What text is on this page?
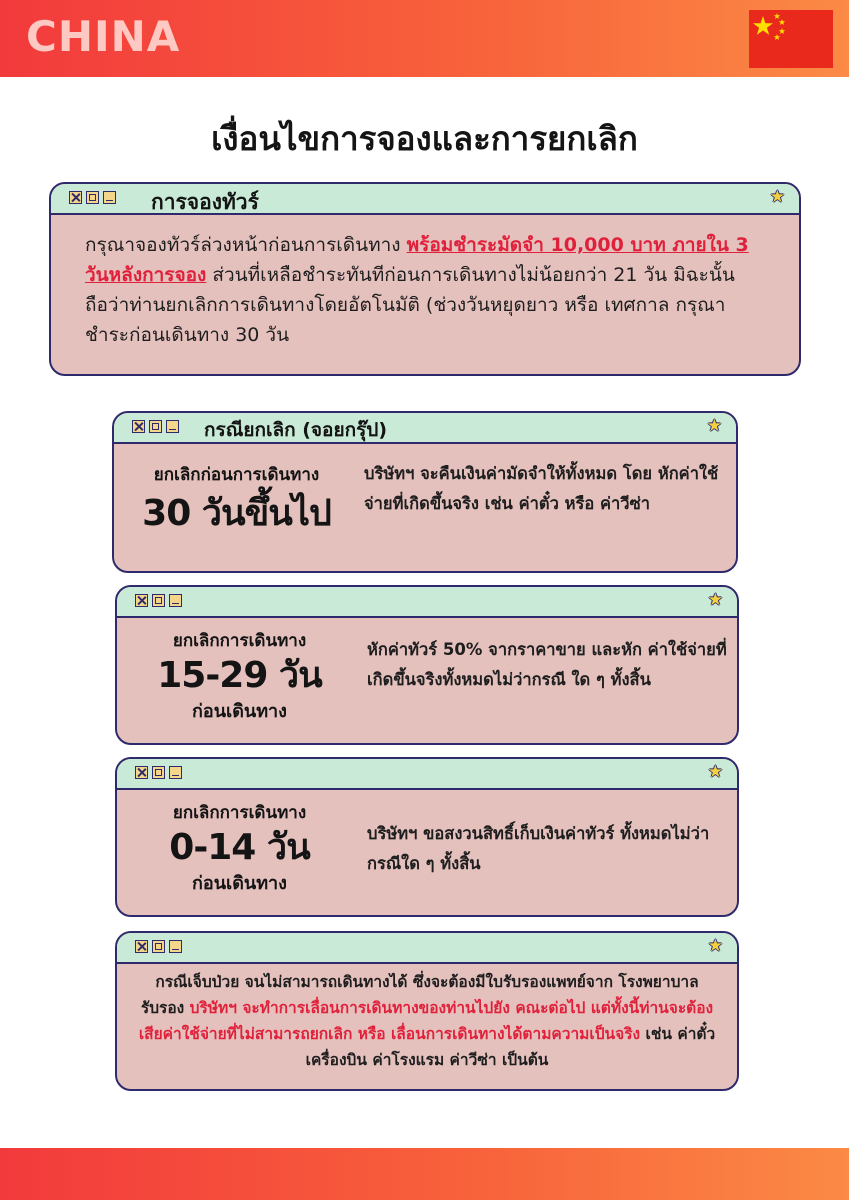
CHINA
เงื่อนไขการจองและการยกเลิก
การจองทัวร์	★
กรุณาจองทัวร์ล่วงหน้าก่อนการเดินทาง พร้อมชำระมัดจำ 10,000 บาท ภายใน 3 วันหลังการจอง ส่วนที่เหลือชำระทันทีก่อนการเดินทางไม่น้อยกว่า 21 วัน มิฉะนั้น ถือว่าท่านยกเลิกการเดินทางโดยอัตโนมัติ (ช่วงวันหยุดยาว หรือ เทศกาล กรุณาชำระก่อนเดินทาง 30 วัน
กรณียกเลิก (จอยกรุ๊ป)	★
ยกเลิกก่อนการเดินทาง
30 วันขึ้นไป
บริษัทฯ จะคืนเงินค่ามัดจำให้ทั้งหมด โดย หักค่าใช้จ่ายที่เกิดขึ้นจริง เช่น ค่าตั๋ว หรือ ค่าวีซ่า
★
ยกเลิกการเดินทาง
15-29 วัน
ก่อนเดินทาง
หักค่าทัวร์ 50% จากราคาขาย และหัก ค่าใช้จ่ายที่เกิดขึ้นจริงทั้งหมดไม่ว่ากรณี ใด ๆ ทั้งสิ้น
★
ยกเลิกการเดินทาง
0-14 วัน
ก่อนเดินทาง
บริษัทฯ ขอสงวนสิทธิ์เก็บเงินค่าทัวร์ ทั้งหมดไม่ว่ากรณีใด ๆ ทั้งสิ้น
★
กรณีเจ็บป่วย จนไม่สามารถเดินทางได้ ซึ่งจะต้องมีใบรับรองแพทย์จาก โรงพยาบาลรับรอง บริษัทฯ จะทำการเลื่อนการเดินทางของท่านไปยัง คณะต่อไป แต่ทั้งนี้ท่านจะต้องเสียค่าใช้จ่ายที่ไม่สามารถยกเลิก หรือ เลื่อนการเดินทางได้ตามความเป็นจริง เช่น ค่าตั๋วเครื่องบิน ค่าโรงแรม ค่าวีซ่า เป็นต้น
